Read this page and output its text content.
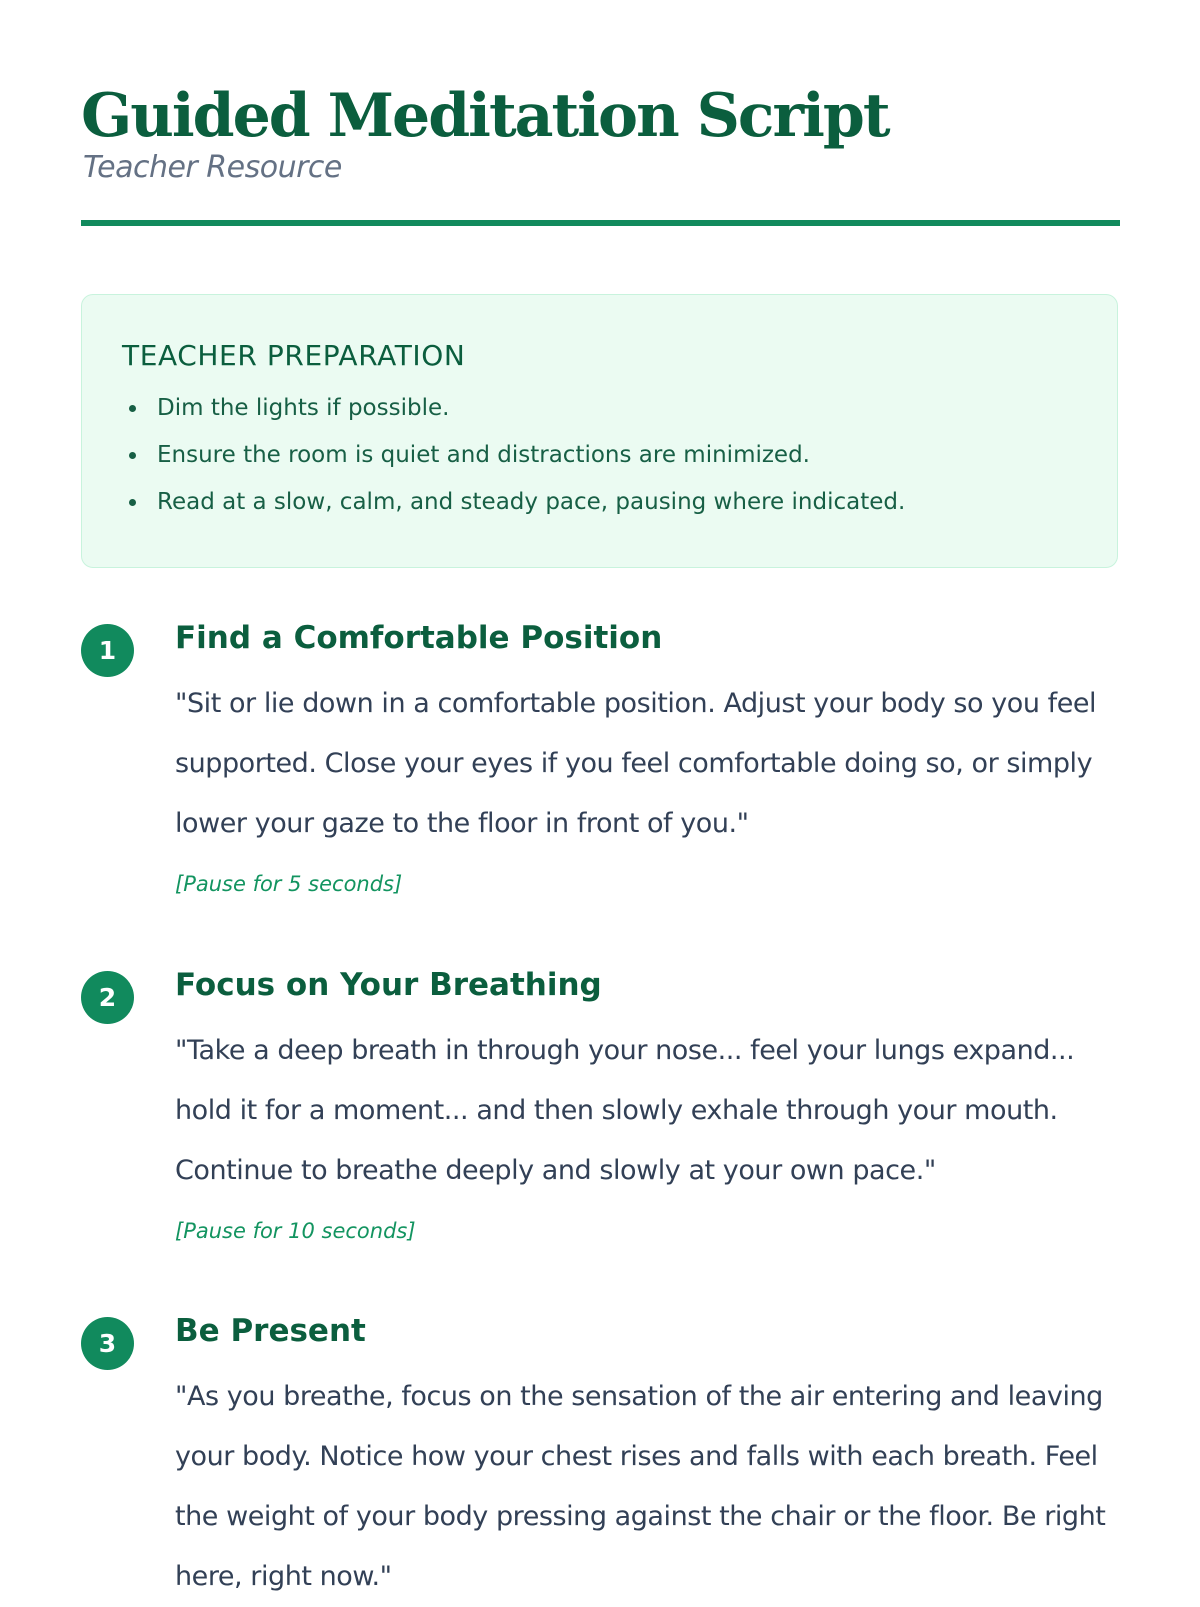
Guided Meditation Script
Teacher Resource
TEACHER PREPARATION
Dim the lights if possible.
Ensure the room is quiet and distractions are minimized.
Read at a slow, calm, and steady pace, pausing where indicated.
1	Find a Comfortable Position

"Sit or lie down in a comfortable position. Adjust your body so you feel supported. Close your eyes if you feel comfortable doing so, or simply lower your gaze to the floor in front of you."

[Pause for 5 seconds]
2	Focus on Your Breathing

"Take a deep breath in through your nose... feel your lungs expand... hold it for a moment... and then slowly exhale through your mouth. Continue to breathe deeply and slowly at your own pace."

[Pause for 10 seconds]
3	Be Present

"As you breathe, focus on the sensation of the air entering and leaving your body. Notice how your chest rises and falls with each breath. Feel the weight of your body pressing against the chair or the floor. Be right here, right now."
